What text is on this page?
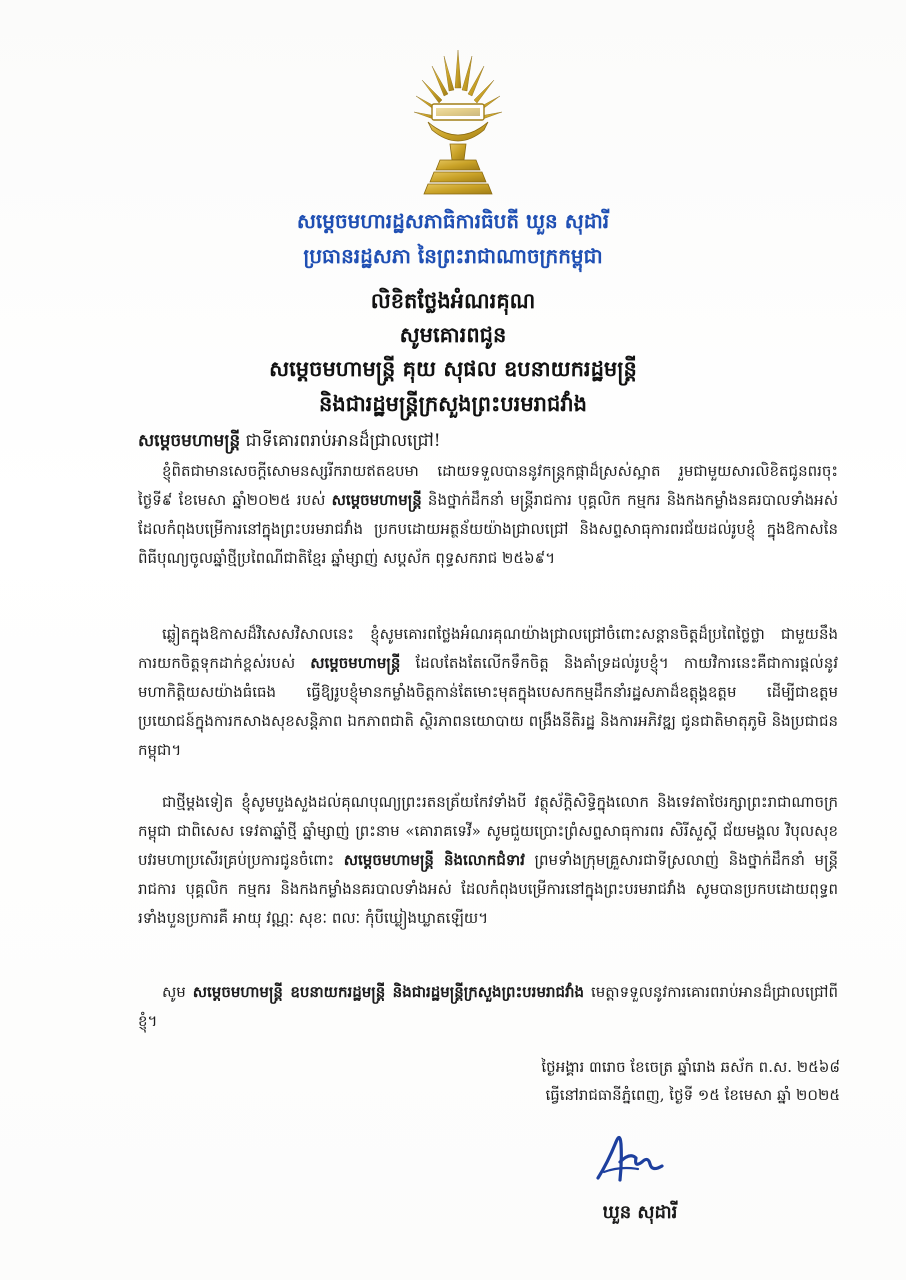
សម្តេចមហារដ្ឋសភាធិការធិបតី ឃួន សុដារី
ប្រធានរដ្ឋសភា នៃព្រះរាជាណាចក្រកម្ពុជា
លិខិតថ្លែងអំណរគុណ
សូមគោរពជូន
សម្តេចមហាមន្ត្រី គុយ សុផល ឧបនាយករដ្ឋមន្ត្រី
និងជារដ្ឋមន្ត្រីក្រសួងព្រះបរមរាជវាំង
សម្តេចមហាមន្ត្រី ជាទីគោរពរាប់អានដ៏ជ្រាលជ្រៅ!
ខ្ញុំពិតជាមានសេចក្តីសោមនស្សរីករាយឥតឧបមា ដោយទទួលបាននូវកន្ត្រកផ្កាដ៏ស្រស់ស្អាត រួមជាមួយសារលិខិតជូនពរចុះថ្ងៃទី៩ ខែមេសា ឆ្នាំ២០២៥ របស់ សម្តេចមហាមន្ត្រី និងថ្នាក់ដឹកនាំ មន្ត្រីរាជការ បុគ្គលិក កម្មករ និងកងកម្លាំងនគរបាលទាំងអស់ ដែលកំពុងបម្រើការនៅក្នុងព្រះបរមរាជវាំង ប្រកបដោយអត្ថន័យយ៉ាងជ្រាលជ្រៅ និងសព្ទសាធុការពរជ័យដល់រូបខ្ញុំ ក្នុងឱកាសនៃ ពិធីបុណ្យចូលឆ្នាំថ្មីប្រពៃណីជាតិខ្មែរ ឆ្នាំម្សាញ់ សប្តស័ក ពុទ្ធសករាជ ២៥៦៩។
ឆ្លៀតក្នុងឱកាសដ៏វិសេសវិសាលនេះ ខ្ញុំសូមគោរពថ្លែងអំណរគុណយ៉ាងជ្រាលជ្រៅចំពោះសន្តានចិត្តដ៏ប្រពៃថ្លៃថ្លា ជាមួយនឹងការយកចិត្តទុកដាក់ខ្ពស់របស់ សម្តេចមហាមន្ត្រី ដែលតែងតែលើកទឹកចិត្ត និងគាំទ្រដល់រូបខ្ញុំ។ កាយវិការនេះគឺជាការផ្តល់នូវមហាកិត្តិយសយ៉ាងធំធេង ធ្វើឱ្យរូបខ្ញុំមានកម្លាំងចិត្តកាន់តែមោះមុតក្នុងបេសកកម្មដឹកនាំរដ្ឋសភាដ៏ឧត្តុង្គឧត្តម ដើម្បីជាឧត្តមប្រយោជន៍ក្នុងការកសាងសុខសន្តិភាព ឯកភាពជាតិ ស្ថិរភាពនយោបាយ ពង្រឹងនីតិរដ្ឋ និងការអភិវឌ្ឍ ជូនជាតិមាតុភូមិ និងប្រជាជនកម្ពុជា។
ជាថ្មីម្តងទៀត ខ្ញុំសូមបួងសួងដល់គុណបុណ្យព្រះរតនត្រ័យកែវទាំងបី វត្ថុស័ក្តិសិទ្ធិក្នុងលោក និងទេវតាថែរក្សាព្រះរាជាណាចក្រកម្ពុជា ជាពិសេស ទេវតាឆ្នាំថ្មី ឆ្នាំម្សាញ់ ព្រះនាម «គោរាគទេវី» សូមជួយប្រោះព្រំសព្ទសាធុការពរ សិរីសួស្តី ជ័យមង្គល វិបុលសុខ បវរមហាប្រសើរគ្រប់ប្រការជូនចំពោះ សម្តេចមហាមន្ត្រី និងលោកជំទាវ ព្រមទាំងក្រុមគ្រួសារជាទីស្រលាញ់ និងថ្នាក់ដឹកនាំ មន្ត្រីរាជការ បុគ្គលិក កម្មករ និងកងកម្លាំងនគរបាលទាំងអស់ ដែលកំពុងបម្រើការនៅក្នុងព្រះបរមរាជវាំង សូមបានប្រកបដោយពុទ្ធពរទាំងបួនប្រការគឺ អាយុ វណ្ណៈ សុខៈ ពលៈ កុំបីឃ្លៀងឃ្លាតឡើយ។
សូម សម្តេចមហាមន្ត្រី ឧបនាយករដ្ឋមន្ត្រី និងជារដ្ឋមន្ត្រីក្រសួងព្រះបរមរាជវាំង មេត្តាទទួលនូវការគោរពរាប់អានដ៏ជ្រាលជ្រៅពីខ្ញុំ។
ថ្ងៃអង្គារ ៣រោច ខែចេត្រ ឆ្នាំរោង ឆស័ក ព.ស. ២៥៦៨
ធ្វើនៅរាជធានីភ្នំពេញ, ថ្ងៃទី ១៥ ខែមេសា ឆ្នាំ ២០២៥
ឃួន សុដារី
